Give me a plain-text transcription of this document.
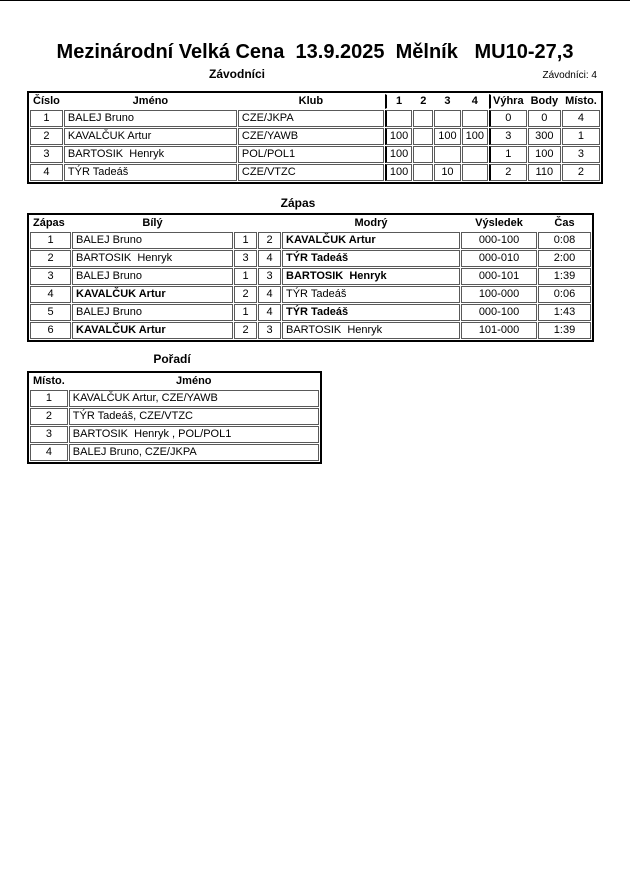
Mezinárodní Velká Cena  13.9.2025  Mělník   MU10-27,3
Závodníci	Závodníci: 4
Číslo	Jméno	Klub	1	2	3	4	Výhra	Body	Místo.

1	BALEJ Bruno	CZE/JKPA					0	0	4
2	KAVALČUK Artur	CZE/YAWB	100		100	100	3	300	1
3	BARTOSIK  Henryk	POL/POL1	100				1	100	3
4	TÝR Tadeáš	CZE/VTZC	100		10		2	110	2
Zápas
Zápas	Bílý			Modrý	Výsledek	Čas
1	BALEJ Bruno	1	2	KAVALČUK Artur	000-100	0:08
2	BARTOSIK  Henryk	3	4	TÝR Tadeáš	000-010	2:00
3	BALEJ Bruno	1	3	BARTOSIK  Henryk	000-101	1:39
4	KAVALČUK Artur	2	4	TÝR Tadeáš	100-000	0:06
5	BALEJ Bruno	1	4	TÝR Tadeáš	000-100	1:43
6	KAVALČUK Artur	2	3	BARTOSIK  Henryk	101-000	1:39
Pořadí
Místo.	Jméno
1	KAVALČUK Artur, CZE/YAWB
2	TÝR Tadeáš, CZE/VTZC
3	BARTOSIK  Henryk , POL/POL1
4	BALEJ Bruno, CZE/JKPA
